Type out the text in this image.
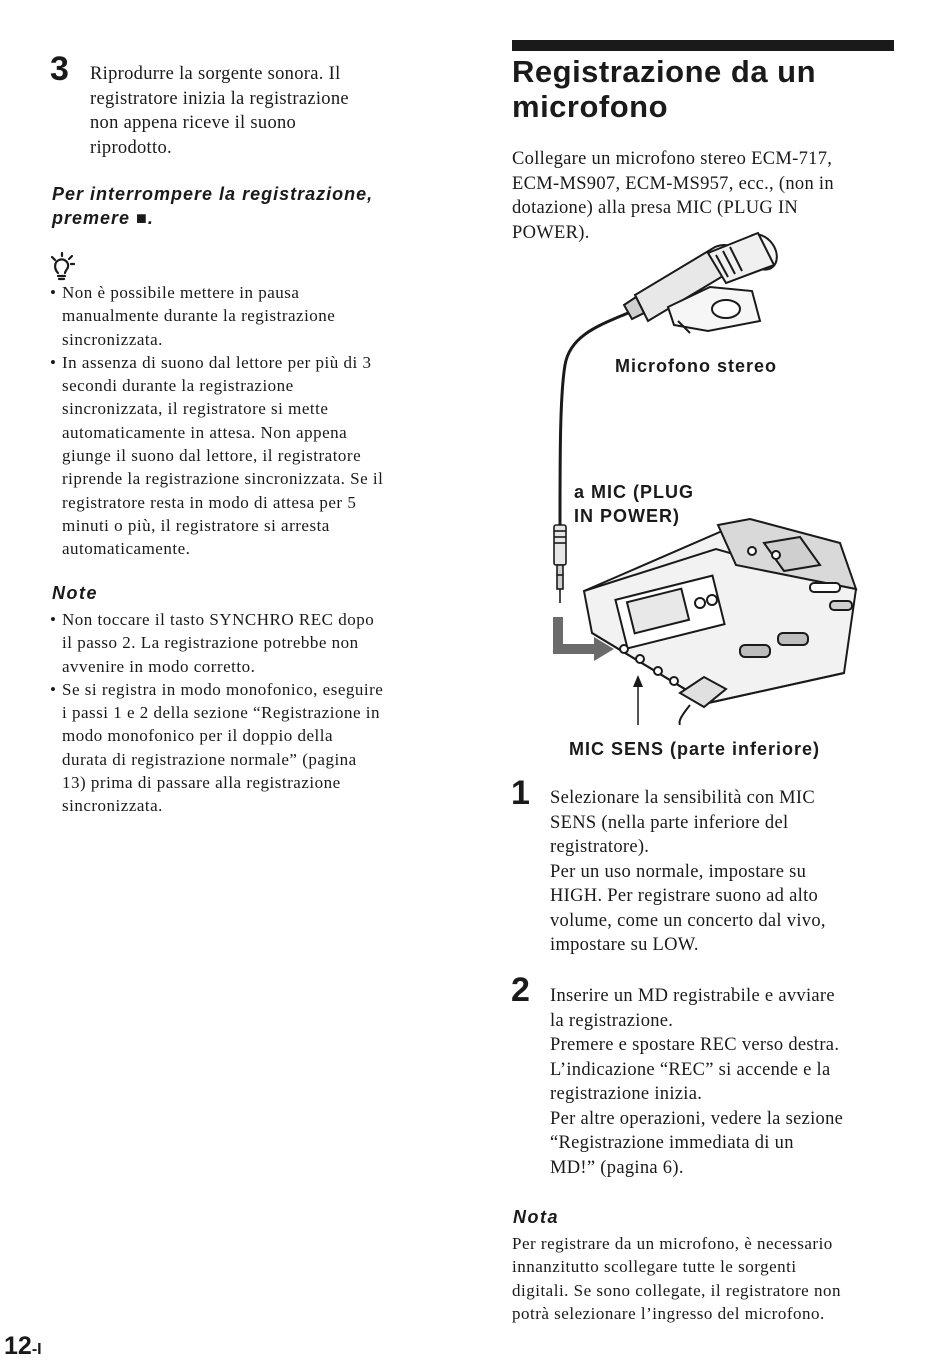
3 Riprodurre la sorgente sonora. Il
registratore inizia la registrazione
non appena riceve il suono
riprodotto.
Per interrompere la registrazione,
premere ■.
• Non è possibile mettere in pausa
manualmente durante la registrazione
sincronizzata.
• In assenza di suono dal lettore per più di 3
secondi durante la registrazione
sincronizzata, il registratore si mette
automaticamente in attesa. Non appena
giunge il suono dal lettore, il registratore
riprende la registrazione sincronizzata. Se il
registratore resta in modo di attesa per 5
minuti o più, il registratore si arresta
automaticamente.
Note
• Non toccare il tasto SYNCHRO REC dopo
il passo 2. La registrazione potrebbe non
avvenire in modo corretto.
• Se si registra in modo monofonico, eseguire
i passi 1 e 2 della sezione “Registrazione in
modo monofonico per il doppio della
durata di registrazione normale” (pagina
13) prima di passare alla registrazione
sincronizzata.
Registrazione da un
microfono
Collegare un microfono stereo ECM-717,
ECM-MS907, ECM-MS957, ecc., (non in
dotazione) alla presa MIC (PLUG IN
POWER).
Microfono stereo
a MIC (PLUG
IN POWER)
MIC SENS (parte inferiore)
1 Selezionare la sensibilità con MIC
SENS (nella parte inferiore del
registratore).
Per un uso normale, impostare su
HIGH. Per registrare suono ad alto
volume, come un concerto dal vivo,
impostare su LOW.
2 Inserire un MD registrabile e avviare
la registrazione.
Premere e spostare REC verso destra.
L’indicazione “REC” si accende e la
registrazione inizia.
Per altre operazioni, vedere la sezione
“Registrazione immediata di un
MD!” (pagina 6).
Nota
Per registrare da un microfono, è necessario
innanzitutto scollegare tutte le sorgenti
digitali. Se sono collegate, il registratore non
potrà selezionare l’ingresso del microfono.
12-I
